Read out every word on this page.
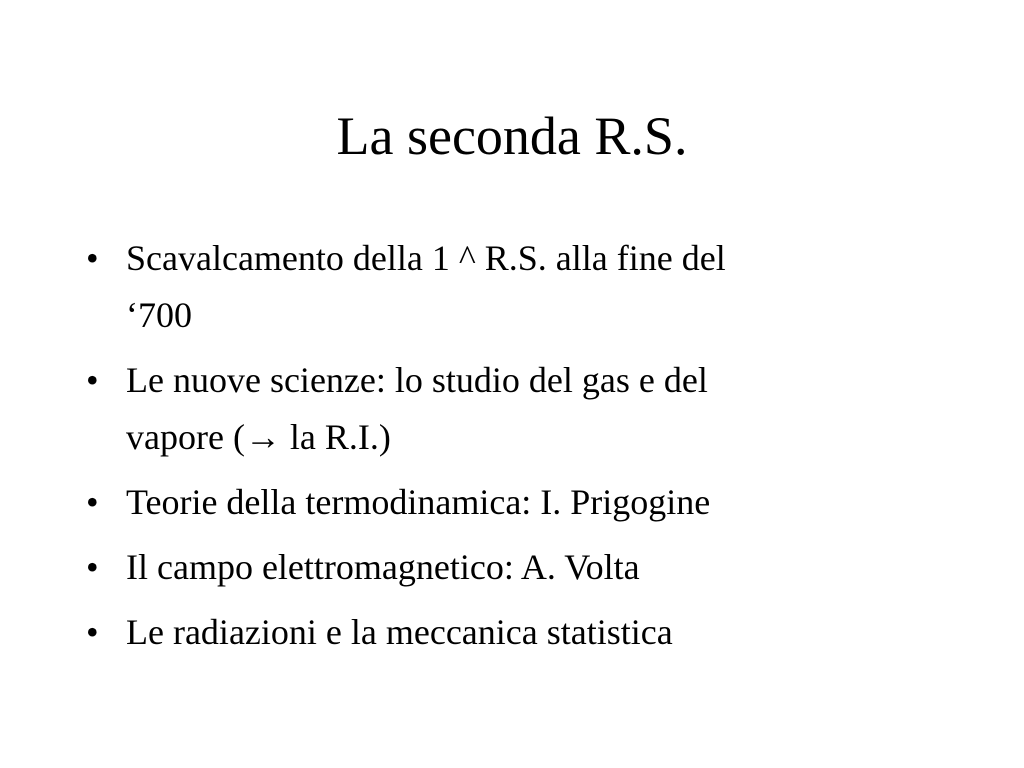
La seconda R.S.
• Scavalcamento della 1 ^ R.S. alla fine del
‘700
• Le nuove scienze: lo studio del gas e del
vapore (→ la R.I.)
• Teorie della termodinamica: I. Prigogine
• Il campo elettromagnetico: A. Volta
• Le radiazioni e la meccanica statistica
